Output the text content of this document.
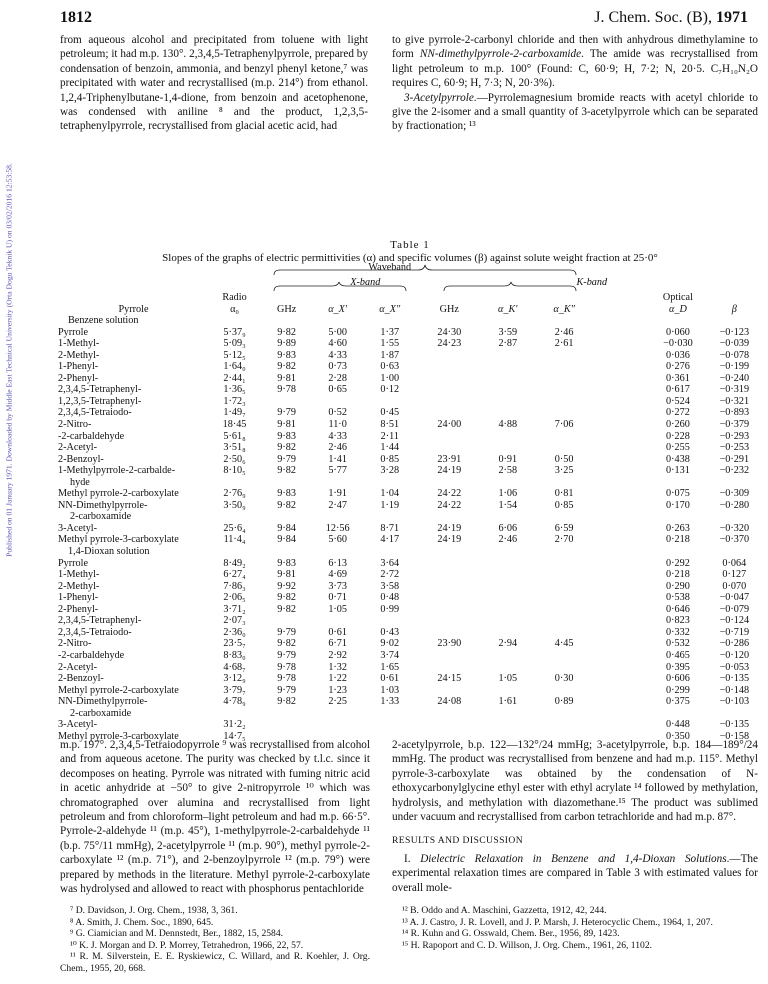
Published on 01 January 1971. Downloaded by Middle East Technical University (Orta Dogu Teknik U) on 03/02/2016 12:53:58.
1812	J. Chem. Soc. (B), 1971

from aqueous alcohol and precipitated from toluene with light petroleum; it had m.p. 130°. 2,3,4,5-Tetraphenylpyrrole, prepared by condensation of benzoin, ammonia, and benzyl phenyl ketone,⁷ was precipitated with water and recrystallised (m.p. 214°) from ethanol. 1,2,4-Triphenylbutane-1,4-dione, from benzoin and acetophenone, was condensed with aniline ⁸ and the product, 1,2,3,5-tetraphenylpyrrole, recrystallised from glacial acetic acid, had

to give pyrrole-2-carbonyl chloride and then with anhydrous dimethylamine to form NN-dimethylpyrrole-2-carboxamide. The amide was recrystallised from light petroleum to m.p. 100° (Found: C, 60·9; H, 7·2; N, 20·5. C₇H₁₀N₂O requires C, 60·9; H, 7·3; N, 20·3%).

3-Acetylpyrrole.—Pyrrolemagnesium bromide reacts with acetyl chloride to give the 2-isomer and a small quantity of 3-acetylpyrrole which can be separated by fractionation; ¹³

Table 1
Slopes of the graphs of electric permittivities (α) and specific volumes (β) against solute weight fraction at 25·0°
				Waveband						
			X-band				K-band			
	Radio								Optical	
Pyrrole	α₀	GHz	α_X′	α_X″	GHz	α_K′	α_K″		α_D	β
Benzene solution										
Pyrrole	5·37₉	9·82	5·00	1·37	24·30	3·59	2·46		0·060	−0·123
1-Methyl-	5·09₃	9·89	4·60	1·55	24·23	2·87	2·61		−0·030	−0·039
2-Methyl-	5·12₅	9·83	4·33	1·87					0·036	−0·078
1-Phenyl-	1·64₀	9·82	0·73	0·63					0·276	−0·199
2-Phenyl-	2·44₁	9·81	2·28	1·00					0·361	−0·240
2,3,4,5-Tetraphenyl-	1·36₅	9·78	0·65	0·12					0·617	−0·319
1,2,3,5-Tetraphenyl-	1·72₃								0·524	−0·321
2,3,4,5-Tetraiodo-	1·49₇	9·79	0·52	0·45					0·272	−0·893
2-Nitro-	18·45	9·81	11·0	8·51	24·00	4·88	7·06		0·260	−0·379
-2-carbaldehyde	5·61₈	9·83	4·33	2·11					0·228	−0·293
2-Acetyl-	3·51₈	9·82	2·46	1·44					0·255	−0·253
2-Benzoyl-	2·50₆	9·79	1·41	0·85	23·91	0·91	0·50		0·438	−0·291
1-Methylpyrrole-2-carbalde-	8·10₅	9·82	5·77	3·28	24·19	2·58	3·25		0·131	−0·232
hyde										
Methyl pyrrole-2-carboxylate	2·76₉	9·83	1·91	1·04	24·22	1·06	0·81		0·075	−0·309
NN-Dimethylpyrrole-	3·50₉	9·82	2·47	1·19	24·22	1·54	0·85		0·170	−0·280
2-carboxamide										
3-Acetyl-	25·6₄	9·84	12·56	8·71	24·19	6·06	6·59		0·263	−0·320
Methyl pyrrole-3-carboxylate	11·4₄	9·84	5·60	4·17	24·19	2·46	2·70		0·218	−0·370
1,4-Dioxan solution										
Pyrrole	8·49₂	9·83	6·13	3·64					0·292	0·064
1-Methyl-	6·27₄	9·81	4·69	2·72					0·218	0·127
2-Methyl-	7·86₃	9·92	3·73	3·58					0·290	0·070
1-Phenyl-	2·06₅	9·82	0·71	0·48					0·538	−0·047
2-Phenyl-	3·71₂	9·82	1·05	0·99					0·646	−0·079
2,3,4,5-Tetraphenyl-	2·07₃								0·823	−0·124
2,3,4,5-Tetraiodo-	2·36₀	9·79	0·61	0·43					0·332	−0·719
2-Nitro-	23·5₇	9·82	6·71	9·02	23·90	2·94	4·45		0·532	−0·286
-2-carbaldehyde	8·83₀	9·79	2·92	3·74					0·465	−0·120
2-Acetyl-	4·68₇	9·78	1·32	1·65					0·395	−0·053
2-Benzoyl-	3·12₉	9·78	1·22	0·61	24·15	1·05	0·30		0·606	−0·135
Methyl pyrrole-2-carboxylate	3·79₇	9·79	1·23	1·03					0·299	−0·148
NN-Dimethylpyrrole-	4·78₉	9·82	2·25	1·33	24·08	1·61	0·89		0·375	−0·103
2-carboxamide										
3-Acetyl-	31·2₂								0·448	−0·135
Methyl pyrrole-3-carboxylate	14·7₅								0·350	−0·158

m.p. 197°. 2,3,4,5-Tetraiodopyrrole ⁹ was recrystallised from alcohol and from aqueous acetone. The purity was checked by t.l.c. since it decomposes on heating. Pyrrole was nitrated with fuming nitric acid in acetic anhydride at −50° to give 2-nitropyrrole ¹⁰ which was chromatographed over alumina and recrystallised from light petroleum and from chloroform–light petroleum and had m.p. 66·5°. Pyrrole-2-aldehyde ¹¹ (m.p. 45°), 1-methylpyrrole-2-carbaldehyde ¹¹ (b.p. 75°/11 mmHg), 2-acetylpyrrole ¹¹ (m.p. 90°), methyl pyrrole-2-carboxylate ¹² (m.p. 71°), and 2-benzoylpyrrole ¹² (m.p. 79°) were prepared by methods in the literature. Methyl pyrrole-2-carboxylate was hydrolysed and allowed to react with phosphorus pentachloride

⁷ D. Davidson, J. Org. Chem., 1938, 3, 361.

⁸ A. Smith, J. Chem. Soc., 1890, 645.

⁹ G. Ciamician and M. Dennstedt, Ber., 1882, 15, 2584.

¹⁰ K. J. Morgan and D. P. Morrey, Tetrahedron, 1966, 22, 57.

¹¹ R. M. Silverstein, E. E. Ryskiewicz, C. Willard, and R. Koehler, J. Org. Chem., 1955, 20, 668.

2-acetylpyrrole, b.p. 122—132°/24 mmHg; 3-acetylpyrrole, b.p. 184—189°/24 mmHg. The product was recrystallised from benzene and had m.p. 115°. Methyl pyrrole-3-carboxylate was obtained by the condensation of N-ethoxycarbonylglycine ethyl ester with ethyl acrylate ¹⁴ followed by methylation, hydrolysis, and methylation with diazomethane.¹⁵ The product was sublimed under vacuum and recrystallised from carbon tetrachloride and had m.p. 87°.

RESULTS AND DISCUSSION

I. Dielectric Relaxation in Benzene and 1,4-Dioxan Solutions.—The experimental relaxation times are compared in Table 3 with estimated values for overall mole-

¹² B. Oddo and A. Maschini, Gazzetta, 1912, 42, 244.

¹³ A. J. Castro, J. R. Lovell, and J. P. Marsh, J. Heterocyclic Chem., 1964, 1, 207.

¹⁴ R. Kuhn and G. Osswald, Chem. Ber., 1956, 89, 1423.

¹⁵ H. Rapoport and C. D. Willson, J. Org. Chem., 1961, 26, 1102.
